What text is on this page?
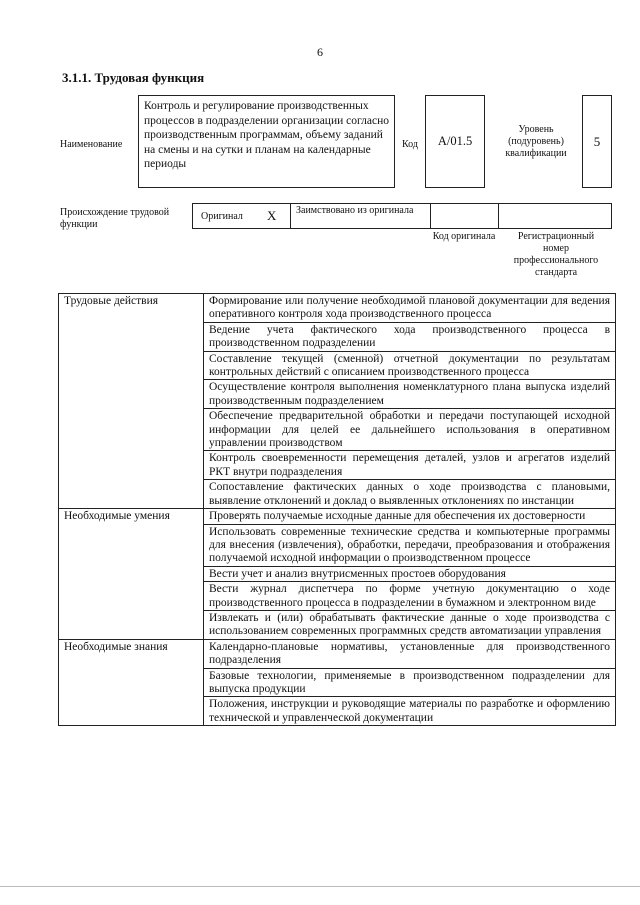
6
3.1.1. Трудовая функция
Наименование
Контроль и регулирование производственных процессов в подразделении организации согласно производственным программам, объему заданий на смены и на сутки и планам на календарные периоды
Код A/01.5
Уровень (подуровень) квалификации
5
Происхождение трудовой функции
Оригинал X Заимствовано из оригинала
Код оригинала	Регистрационный номер профессионального стандарта
Трудовые действия	Формирование или получение необходимой плановой документации для ведения оперативного контроля хода производственного процесса
	Ведение учета фактического хода производственного процесса в производственном подразделении
	Составление текущей (сменной) отчетной документации по результатам контрольных действий с описанием производственного процесса
	Осуществление контроля выполнения номенклатурного плана выпуска изделий производственным подразделением
	Обеспечение предварительной обработки и передачи поступающей исходной информации для целей ее дальнейшего использования в оперативном управлении производством
	Контроль своевременности перемещения деталей, узлов и агрегатов изделий РКТ внутри подразделения
	Сопоставление фактических данных о ходе производства с плановыми, выявление отклонений и доклад о выявленных отклонениях по инстанции
Необходимые умения	Проверять получаемые исходные данные для обеспечения их достоверности
	Использовать современные технические средства и компьютерные программы для внесения (извлечения), обработки, передачи, преобразования и отображения получаемой исходной информации о производственном процессе
	Вести учет и анализ внутрисменных простоев оборудования
	Вести журнал диспетчера по форме учетную документацию о ходе производственного процесса в подразделении в бумажном и электронном виде
	Извлекать и (или) обрабатывать фактические данные о ходе производства с использованием современных программных средств автоматизации управления
Необходимые знания	Календарно-плановые нормативы, установленные для производственного подразделения
	Базовые технологии, применяемые в производственном подразделении для выпуска продукции
	Положения, инструкции и руководящие материалы по разработке и оформлению технической и управленческой документации
